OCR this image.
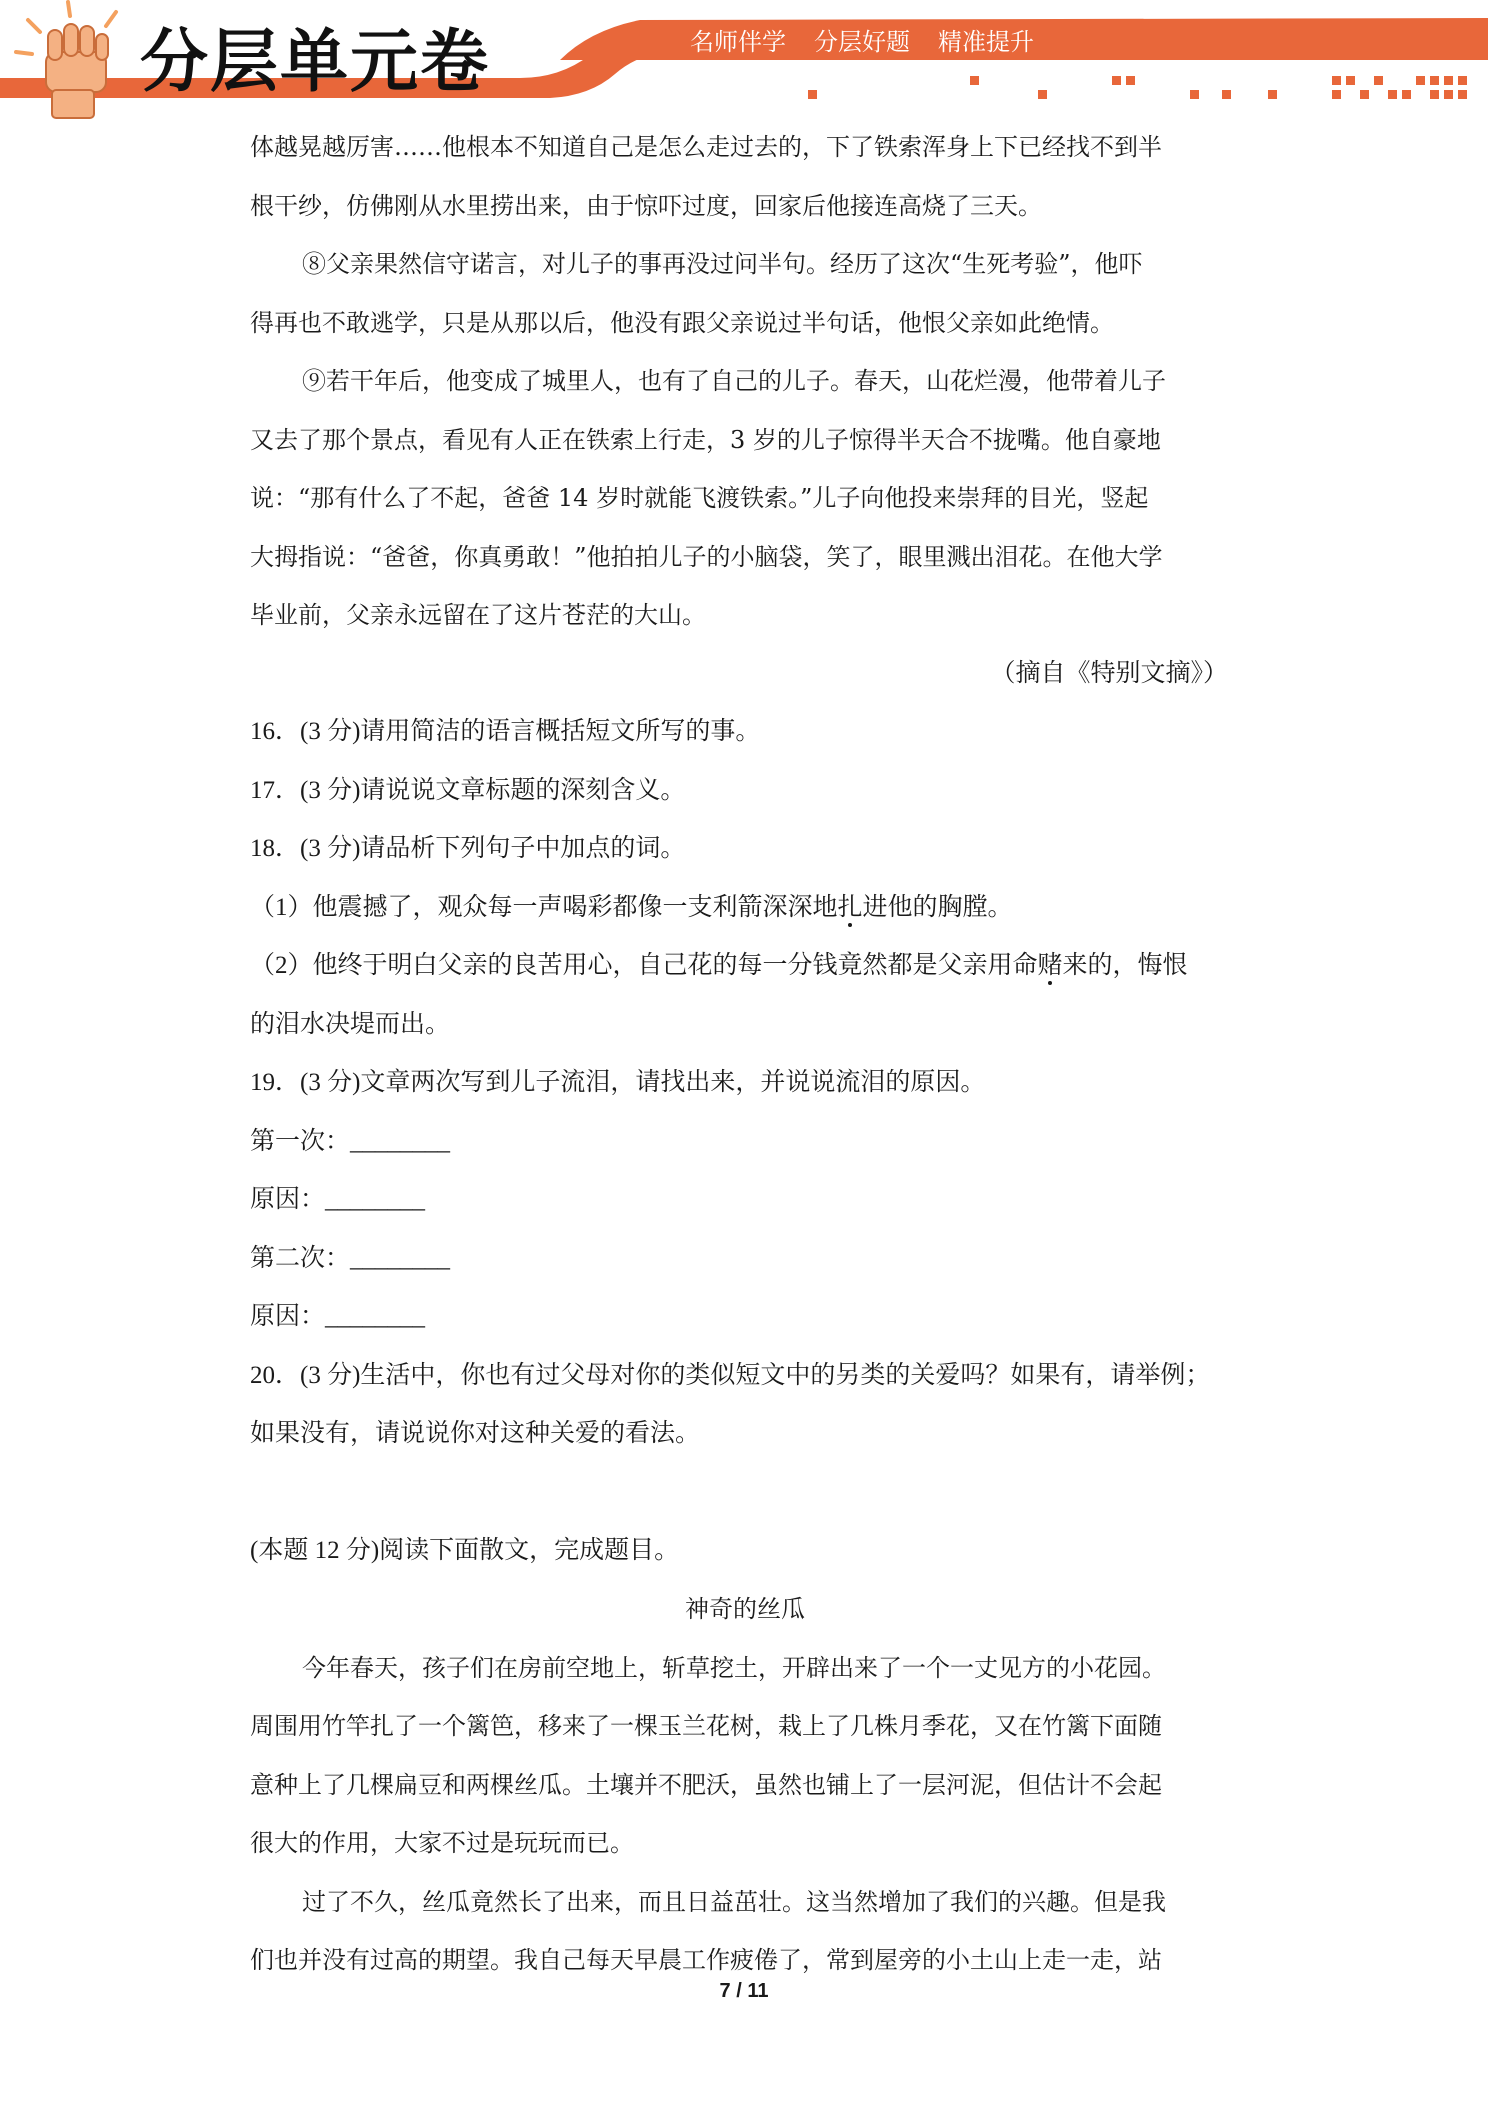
分层单元卷	名师伴学 分层好题 精准提升

体越晃越厉害……他根本不知道自己是怎么走过去的，下了铁索浑身上下已经找不到半

根干纱，仿佛刚从水里捞出来，由于惊吓过度，回家后他接连高烧了三天。

⑧父亲果然信守诺言，对儿子的事再没过问半句。经历了这次“生死考验”，他吓

得再也不敢逃学，只是从那以后，他没有跟父亲说过半句话，他恨父亲如此绝情。

⑨若干年后，他变成了城里人，也有了自己的儿子。春天，山花烂漫，他带着儿子

又去了那个景点，看见有人正在铁索上行走，3 岁的儿子惊得半天合不拢嘴。他自豪地

说：“那有什么了不起，爸爸 14 岁时就能飞渡铁索。”儿子向他投来崇拜的目光，竖起

大拇指说：“爸爸，你真勇敢！”他拍拍儿子的小脑袋，笑了，眼里溅出泪花。在他大学

毕业前，父亲永远留在了这片苍茫的大山。

（摘自《特别文摘》）

16．(3 分)请用简洁的语言概括短文所写的事。

17．(3 分)请说说文章标题的深刻含义。

18．(3 分)请品析下列句子中加点的词。

（1）他震撼了，观众每一声喝彩都像一支利箭深深地扎进他的胸膛。

（2）他终于明白父亲的良苦用心，自己花的每一分钱竟然都是父亲用命赌来的，悔恨

的泪水决堤而出。

19．(3 分)文章两次写到儿子流泪，请找出来，并说说流泪的原因。

第一次：________

原因：________

第二次：________

原因：________

20．(3 分)生活中，你也有过父母对你的类似短文中的另类的关爱吗？如果有，请举例；

如果没有，请说说你对这种关爱的看法。

(本题 12 分)阅读下面散文，完成题目。

神奇的丝瓜

今年春天，孩子们在房前空地上，斩草挖土，开辟出来了一个一丈见方的小花园。

周围用竹竿扎了一个篱笆，移来了一棵玉兰花树，栽上了几株月季花，又在竹篱下面随

意种上了几棵扁豆和两棵丝瓜。土壤并不肥沃，虽然也铺上了一层河泥，但估计不会起

很大的作用，大家不过是玩玩而已。

过了不久，丝瓜竟然长了出来，而且日益茁壮。这当然增加了我们的兴趣。但是我

们也并没有过高的期望。我自己每天早晨工作疲倦了，常到屋旁的小土山上走一走，站

7 / 11
